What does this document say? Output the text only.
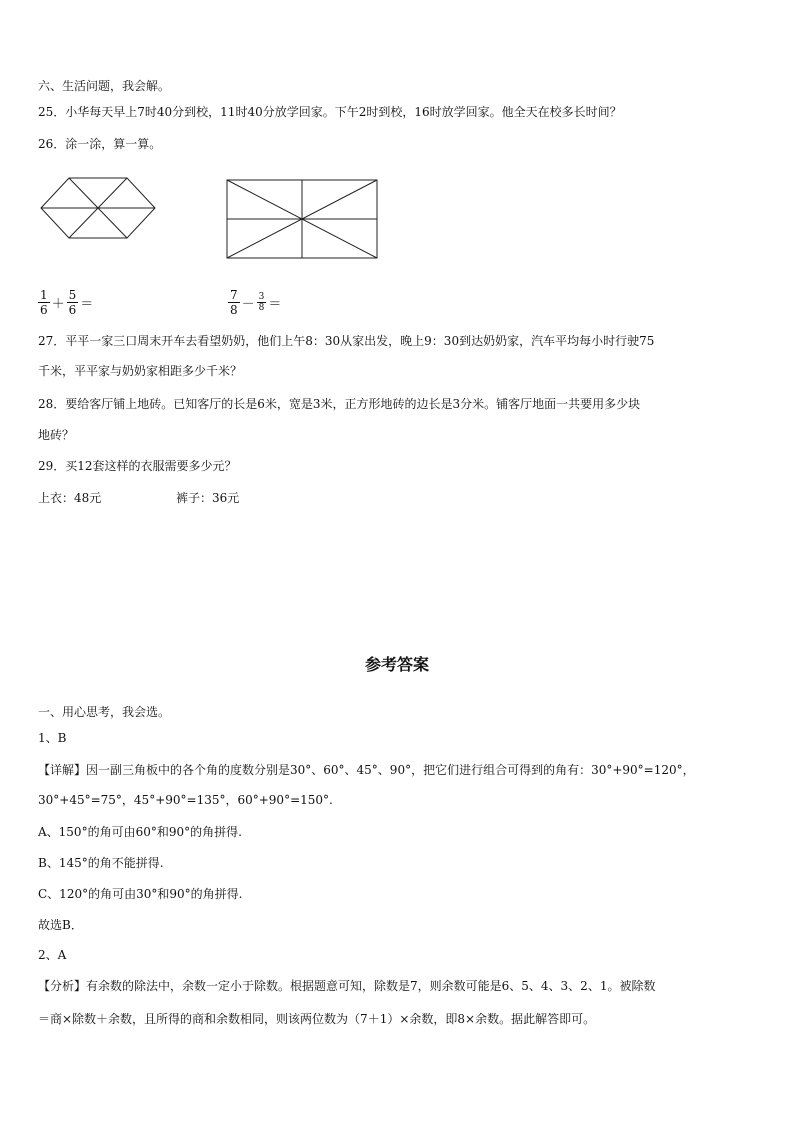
六、生活问题，我会解。
25．小华每天早上7时40分到校，11时40分放学回家。下午2时到校，16时放学回家。他全天在校多长时间？
26．涂一涂，算一算。
$\frac{1}{6} + \frac{5}{6}$ ＝	$\frac{7}{8} - \frac{3}{8}$ ＝
27．平平一家三口周末开车去看望奶奶，他们上午8：30从家出发，晚上9：30到达奶奶家，汽车平均每小时行驶75
千米，平平家与奶奶家相距多少千米？
28．要给客厅铺上地砖。已知客厅的长是6米，宽是3米，正方形地砖的边长是3分米。铺客厅地面一共要用多少块
地砖？
29．买12套这样的衣服需要多少元？
上衣：48元	裤子：36元
参考答案
一、用心思考，我会选。
1、B
【详解】因一副三角板中的各个角的度数分别是30°、60°、45°、90°，把它们进行组合可得到的角有：30°+90°=120°，
30°+45°=75°，45°+90°=135°，60°+90°=150°.
A、150°的角可由60°和90°的角拼得.
B、145°的角不能拼得.
C、120°的角可由30°和90°的角拼得.
故选B．
2、A
【分析】有余数的除法中，余数一定小于除数。根据题意可知，除数是7，则余数可能是6、5、4、3、2、1。被除数
＝商×除数＋余数，且所得的商和余数相同，则该两位数为（7＋1）×余数，即8×余数。据此解答即可。
